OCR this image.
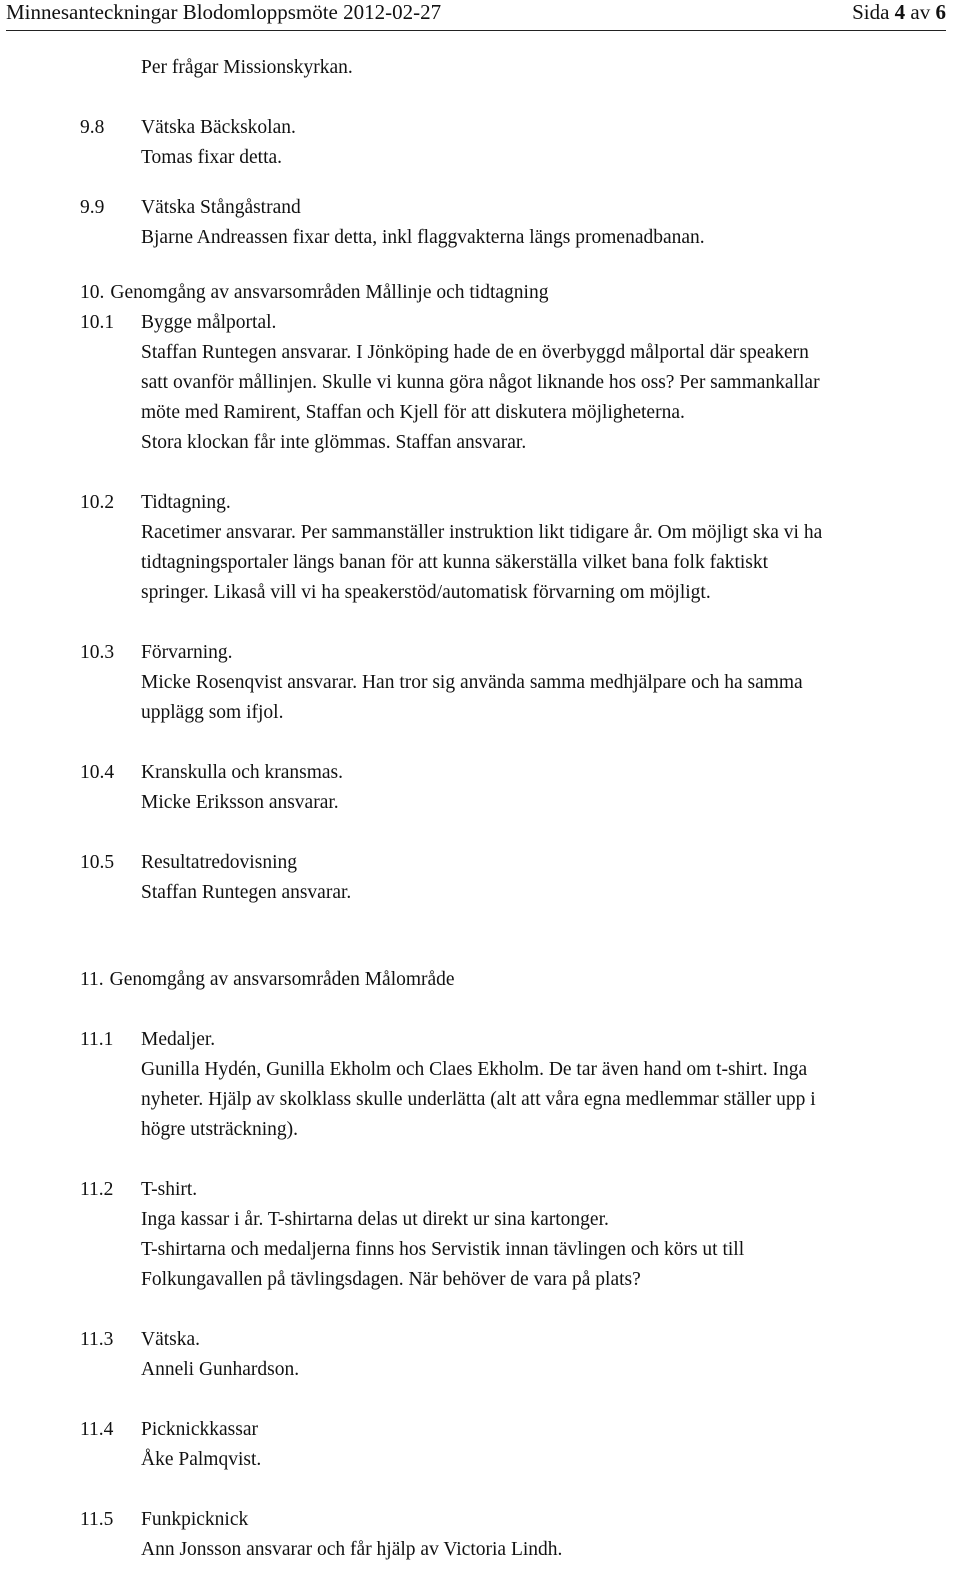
Minnesanteckningar Blodomloppsmöte 2012-02-27	Sida 4 av 6
Per frågar Missionskyrkan.
9.8 Vätska Bäckskolan.
Tomas fixar detta.
9.9 Vätska Stångåstrand
Bjarne Andreassen fixar detta, inkl flaggvakterna längs promenadbanan.
10. Genomgång av ansvarsområden Mållinje och tidtagning
10.1 Bygge målportal.
Staffan Runtegen ansvarar. I Jönköping hade de en överbyggd målportal där speakern
satt ovanför mållinjen. Skulle vi kunna göra något liknande hos oss? Per sammankallar
möte med Ramirent, Staffan och Kjell för att diskutera möjligheterna.
Stora klockan får inte glömmas. Staffan ansvarar.
10.2 Tidtagning.
Racetimer ansvarar. Per sammanställer instruktion likt tidigare år. Om möjligt ska vi ha
tidtagningsportaler längs banan för att kunna säkerställa vilket bana folk faktiskt
springer. Likaså vill vi ha speakerstöd/automatisk förvarning om möjligt.
10.3 Förvarning.
Micke Rosenqvist ansvarar. Han tror sig använda samma medhjälpare och ha samma
upplägg som ifjol.
10.4 Kranskulla och kransmas.
Micke Eriksson ansvarar.
10.5 Resultatredovisning
Staffan Runtegen ansvarar.
11. Genomgång av ansvarsområden Målområde
11.1 Medaljer.
Gunilla Hydén, Gunilla Ekholm och Claes Ekholm. De tar även hand om t-shirt. Inga
nyheter. Hjälp av skolklass skulle underlätta (alt att våra egna medlemmar ställer upp i
högre utsträckning).
11.2 T-shirt.
Inga kassar i år. T-shirtarna delas ut direkt ur sina kartonger.
T-shirtarna och medaljerna finns hos Servistik innan tävlingen och körs ut till
Folkungavallen på tävlingsdagen. När behöver de vara på plats?
11.3 Vätska.
Anneli Gunhardson.
11.4 Picknickkassar
Åke Palmqvist.
11.5 Funkpicknick
Ann Jonsson ansvarar och får hjälp av Victoria Lindh.
